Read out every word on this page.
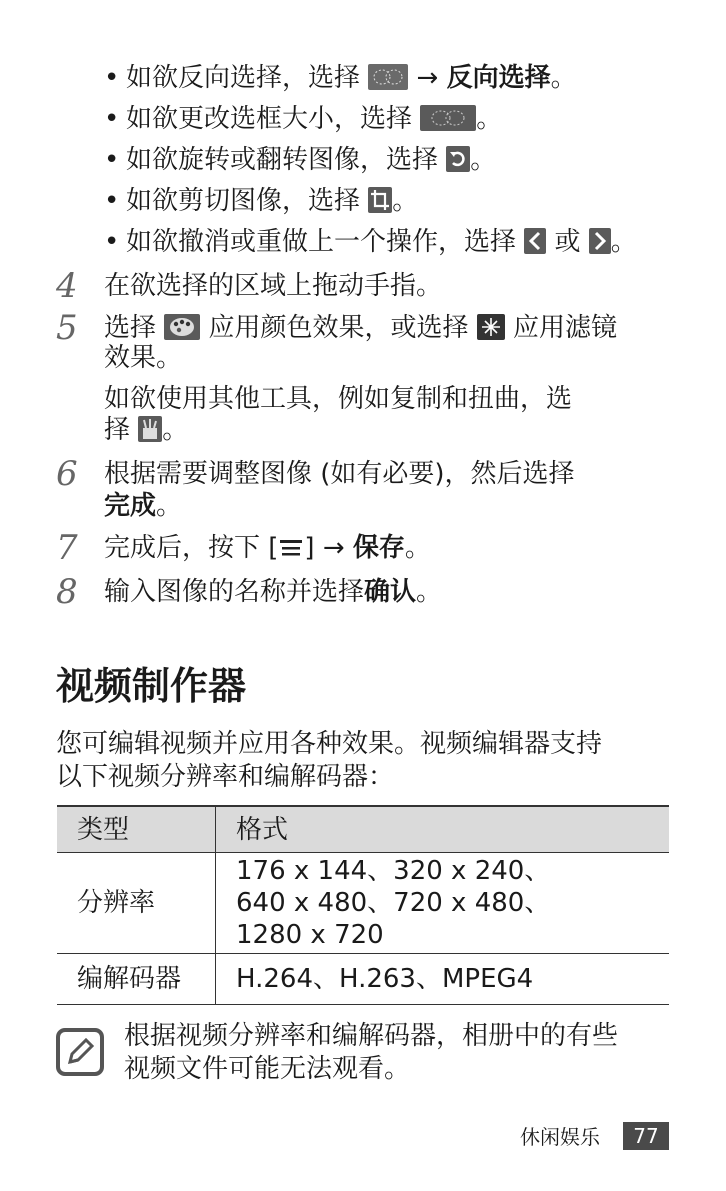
• 如欲反向选择，选择  → 反向选择。
• 如欲更改选框大小，选择 。
• 如欲旋转或翻转图像，选择 。
• 如欲剪切图像，选择 。
• 如欲撤消或重做上一个操作，选择  或 。
4 在欲选择的区域上拖动手指。
5 选择  应用颜色效果，或选择  应用滤镜
效果。
如欲使用其他工具，例如复制和扭曲，选
择 。
6 根据需要调整图像 (如有必要)，然后选择
完成。
7 完成后，按下 [ ] → 保存。
8 输入图像的名称并选择确认。
视频制作器
您可编辑视频并应用各种效果。视频编辑器支持
以下视频分辨率和编解码器：
类型	格式
分辨率	176 x 144、320 x 240、
640 x 480、720 x 480、
1280 x 720

编解码器	H.264、H.263、MPEG4
根据视频分辨率和编解码器，相册中的有些
视频文件可能无法观看。
休闲娱乐	77
